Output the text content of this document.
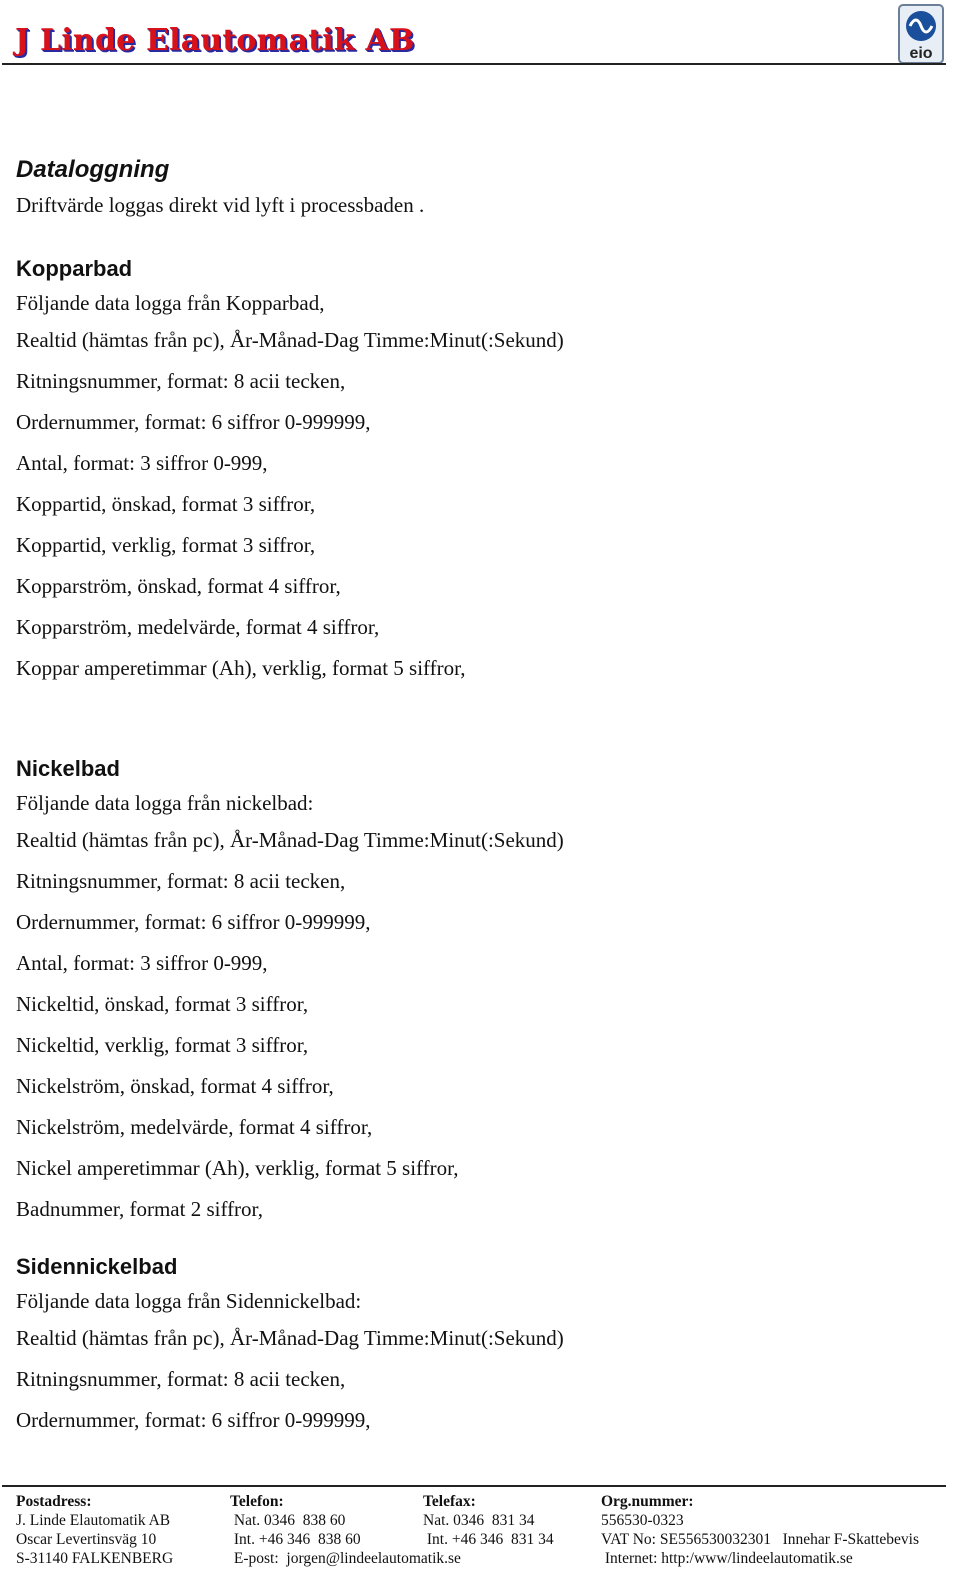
J Linde Elautomatik AB	eio
Dataloggning

Driftvärde loggas direkt vid lyft i processbaden .

Kopparbad

Följande data logga från Kopparbad,

Realtid (hämtas från pc), År-Månad-Dag Timme:Minut(:Sekund)

Ritningsnummer, format: 8 acii tecken,

Ordernummer, format: 6 siffror 0-999999,

Antal, format: 3 siffror 0-999,

Koppartid, önskad, format 3 siffror,

Koppartid, verklig, format 3 siffror,

Kopparström, önskad, format 4 siffror,

Kopparström, medelvärde, format 4 siffror,

Koppar amperetimmar (Ah), verklig, format 5 siffror,

Nickelbad

Följande data logga från nickelbad:

Realtid (hämtas från pc), År-Månad-Dag Timme:Minut(:Sekund)

Ritningsnummer, format: 8 acii tecken,

Ordernummer, format: 6 siffror 0-999999,

Antal, format: 3 siffror 0-999,

Nickeltid, önskad, format 3 siffror,

Nickeltid, verklig, format 3 siffror,

Nickelström, önskad, format 4 siffror,

Nickelström, medelvärde, format 4 siffror,

Nickel amperetimmar (Ah), verklig, format 5 siffror,

Badnummer, format 2 siffror,

Sidennickelbad

Följande data logga från Sidennickelbad:

Realtid (hämtas från pc), År-Månad-Dag Timme:Minut(:Sekund)

Ritningsnummer, format: 8 acii tecken,

Ordernummer, format: 6 siffror 0-999999,

Postadress:
J. Linde Elautomatik AB
Oscar Levertinsväg 10
S-31140 FALKENBERG
Telefon:
Nat. 0346  838 60
Int. +46 346  838 60
E-post:  jorgen@lindeelautomatik.se
Telefax:
Nat. 0346  831 34
Int. +46 346  831 34
Org.nummer:
556530-0323
VAT No: SE556530032301   Innehar F-Skattebevis
Internet: http:/www/lindeelautomatik.se
